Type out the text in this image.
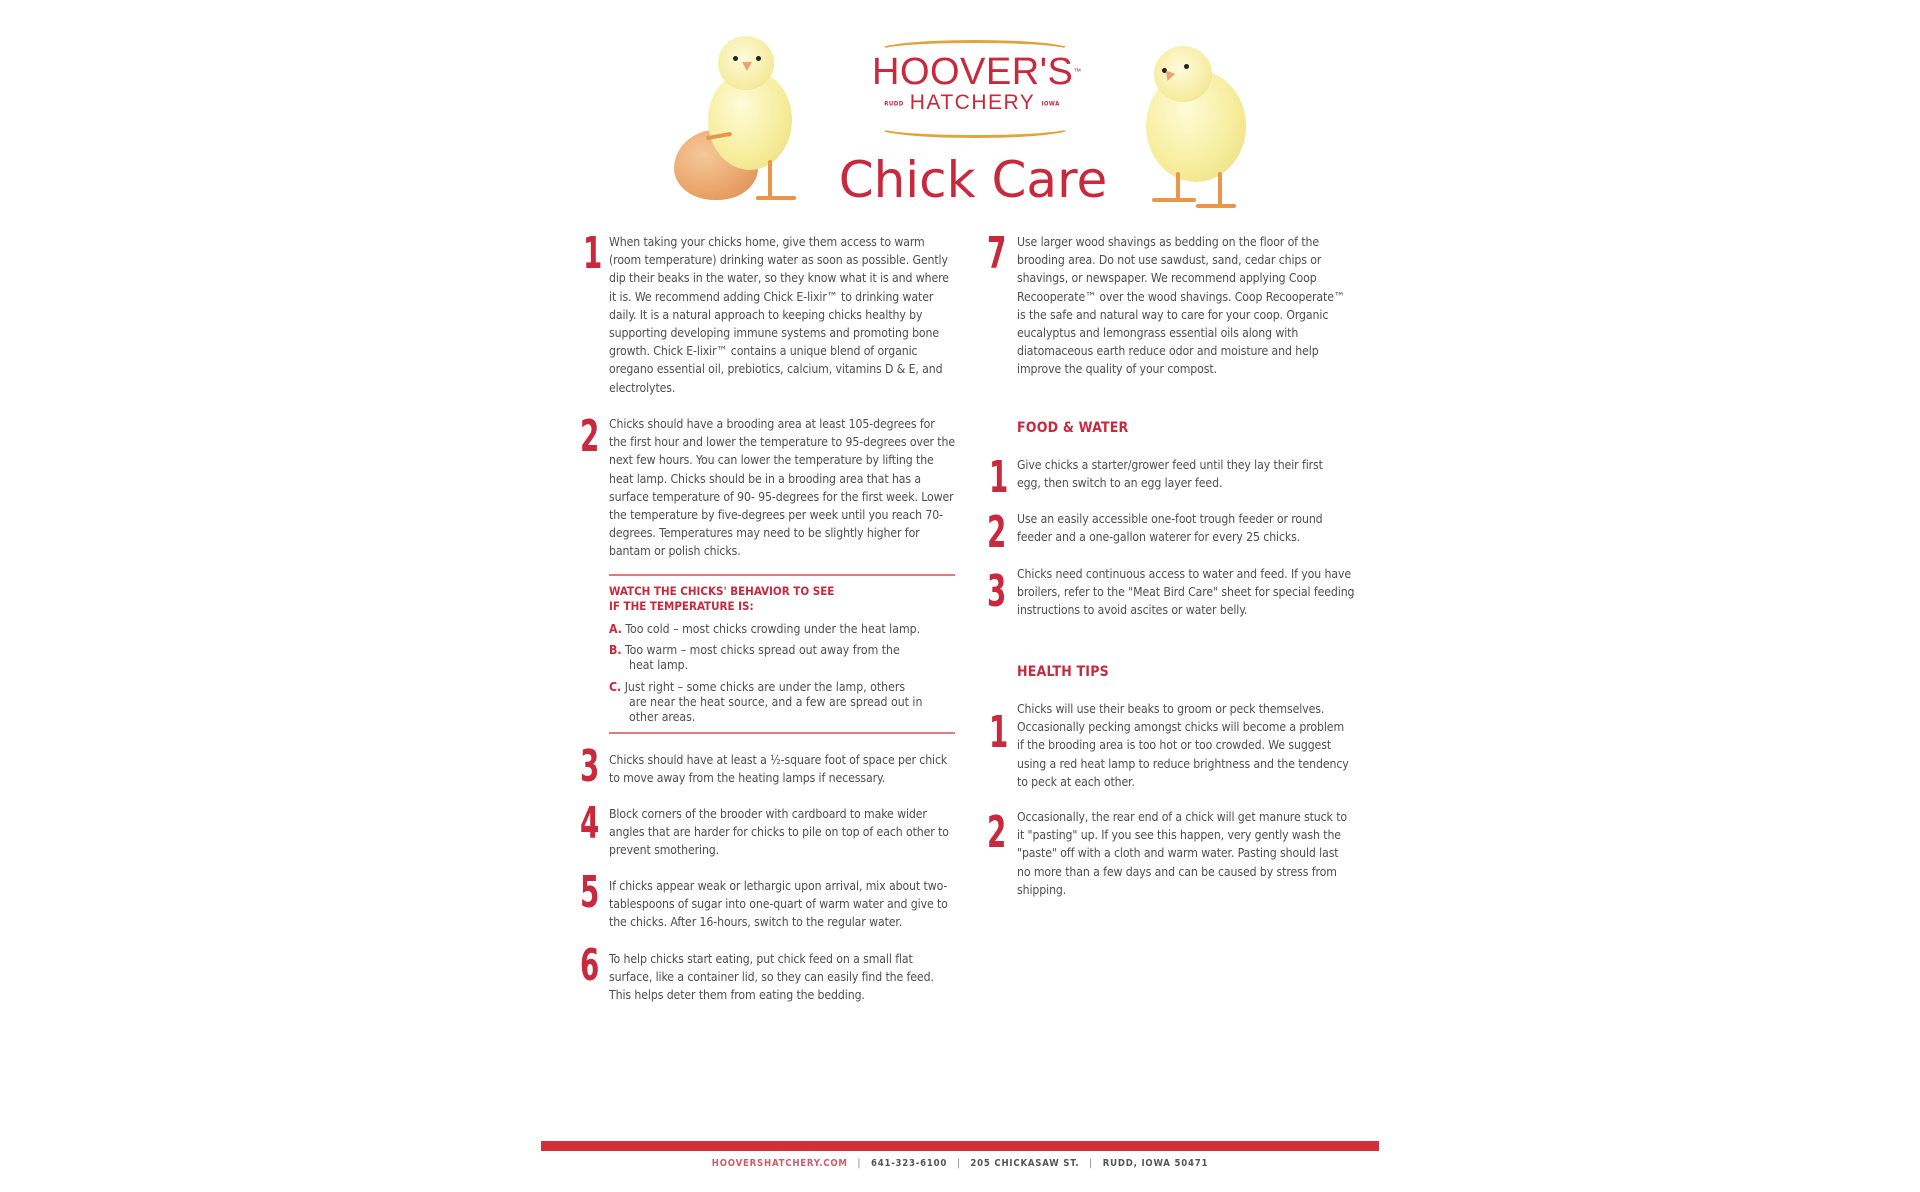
HOOVER'S™
RUDD HATCHERY IOWA
Chick Care
1 When taking your chicks home, give them access to warm (room temperature) drinking water as soon as possible. Gently dip their beaks in the water, so they know what it is and where it is. We recommend adding Chick E-lixir™ to drinking water daily. It is a natural approach to keeping chicks healthy by supporting developing immune systems and promoting bone growth. Chick E-lixir™ contains a unique blend of organic oregano essential oil, prebiotics, calcium, vitamins D & E, and electrolytes.
2 Chicks should have a brooding area at least 105-degrees for the first hour and lower the temperature to 95-degrees over the next few hours. You can lower the temperature by lifting the heat lamp. Chicks should be in a brooding area that has a surface temperature of 90- 95-degrees for the first week. Lower the temperature by five-degrees per week until you reach 70-degrees. Temperatures may need to be slightly higher for bantam or polish chicks.
WATCH THE CHICKS' BEHAVIOR TO SEE
IF THE TEMPERATURE IS:
A. Too cold – most chicks crowding under the heat lamp.
B. Too warm – most chicks spread out away from the
heat lamp.
C. Just right – some chicks are under the lamp, others
are near the heat source, and a few are spread out in
other areas.
3 Chicks should have at least a ½-square foot of space per chick to move away from the heating lamps if necessary.
4 Block corners of the brooder with cardboard to make wider angles that are harder for chicks to pile on top of each other to prevent smothering.
5 If chicks appear weak or lethargic upon arrival, mix about two-tablespoons of sugar into one-quart of warm water and give to the chicks. After 16-hours, switch to the regular water.
6 To help chicks start eating, put chick feed on a small flat surface, like a container lid, so they can easily find the feed. This helps deter them from eating the bedding.
7 Use larger wood shavings as bedding on the floor of the brooding area. Do not use sawdust, sand, cedar chips or shavings, or newspaper. We recommend applying Coop Recooperate™ over the wood shavings. Coop Recooperate™ is the safe and natural way to care for your coop. Organic eucalyptus and lemongrass essential oils along with diatomaceous earth reduce odor and moisture and help improve the quality of your compost.
FOOD & WATER
1 Give chicks a starter/grower feed until they lay their first egg, then switch to an egg layer feed.
2 Use an easily accessible one-foot trough feeder or round feeder and a one-gallon waterer for every 25 chicks.
3 Chicks need continuous access to water and feed. If you have broilers, refer to the "Meat Bird Care" sheet for special feeding instructions to avoid ascites or water belly.
HEALTH TIPS
1 Chicks will use their beaks to groom or peck themselves. Occasionally pecking amongst chicks will become a problem if the brooding area is too hot or too crowded. We suggest using a red heat lamp to reduce brightness and the tendency to peck at each other.
2 Occasionally, the rear end of a chick will get manure stuck to it "pasting" up. If you see this happen, very gently wash the "paste" off with a cloth and warm water. Pasting should last no more than a few days and can be caused by stress from shipping.
HOOVERSHATCHERY.COM | 641-323-6100 | 205 CHICKASAW ST. | RUDD, IOWA 50471
